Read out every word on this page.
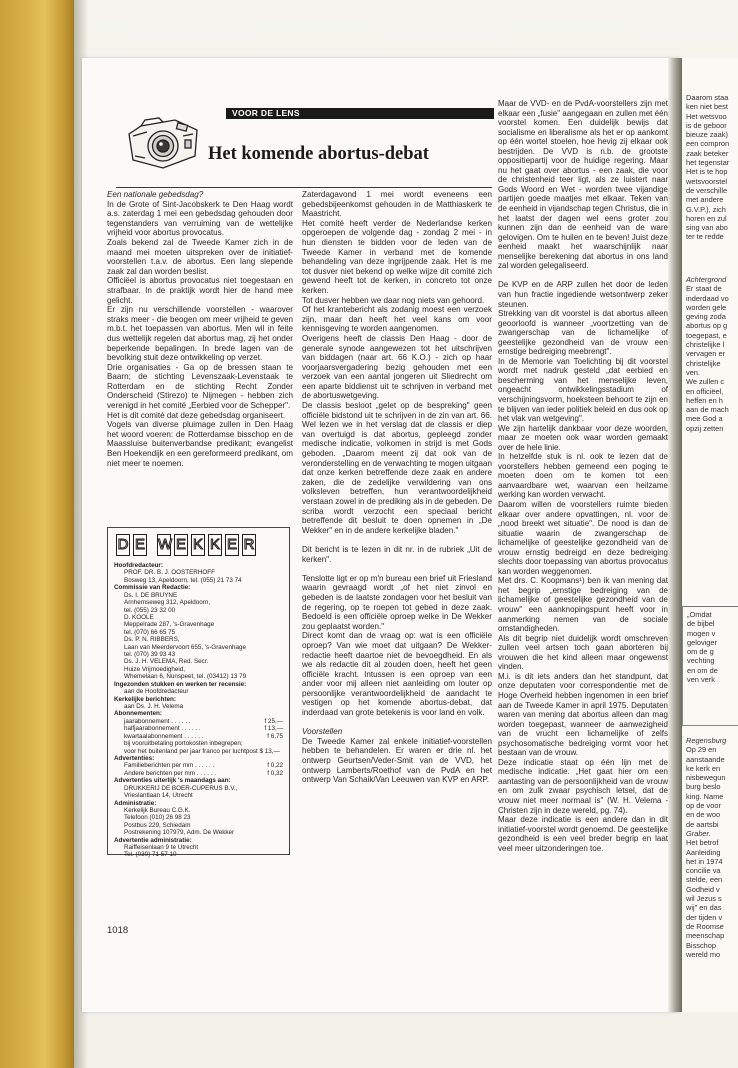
Daarom staa
ken niet best
Het wetsvoo
is de geboor
bieuze zaak)
een compron
zaak beteker
het tegenstar
Het is te hop
wetsvoorstel
de verschille
met andere
G.V.P.), zich
horen en zul
sing van abo
ter te redde
Achtergrond
Er staat de
inderdaad vo
worden gele
geving zoda
abortus op g
toegepast, e
christelijke l
vervagen er
christelijke
ven.
We zullen c
en officiëel,
heffen en h
aan de mach
mee God a
opzij zetten
„Omdat
de bijbel
mogen v
geloviger
om de g
vechting
en om de
ven verk
Regensburg
Op 29 en
aanstaande
ke kerk en
nisbewegun
burg beslo
king. Name
op de voor
en de woo
de aartsbi
Graber.
Het betrof
Aanleiding
het in 1974
concilie va
stelde, een
Godheid v
wil Jezus s
wij" en das
der tijden v
de Roomse
meenschap
Bisschop
wereld mo
VOOR DE LENS
Het komende abortus-debat

Een nationale gebedsdag?

In de Grote of Sint-Jacobskerk te Den Haag wordt a.s. zaterdag 1 mei een gebedsdag gehouden door tegenstanders van verruiming van de wettelijke vrijheid voor abortus provocatus.

Zoals bekend zal de Tweede Kamer zich in de maand mei moeten uitspreken over de initiatief-voorstellen t.a.v. de abortus. Een lang slepende zaak zal dan worden beslist.

Officiëel is abortus provocatus niet toegestaan en strafbaar. In de praktijk wordt hier de hand mee gelicht.

Er zijn nu verschillende voorstellen - waarover straks meer - die beogen om meer vrijheid te geven m.b.t. het toepassen van abortus. Men wil in feite dus wettelijk regelen dat abortus mag, zij het onder beperkende bepalingen. In brede lagen van de bevolking stuit deze ontwikkeling op verzet.

Drie organisaties - Ga op de bressen staan te Baarn; de stichting Levenszaak-Levenstaak te Rotterdam en de stichting Recht Zonder Onderscheid (Stirezo) te Nijmegen - hebben zich verenigd in het comité „Eerbied voor de Schepper".

Het is dit comité dat deze gebedsdag organiseert.

Vogels van diverse pluimage zullen in Den Haag het woord voeren: de Rotterdamse bisschop en de Maassluise buitenverbandse predikant; evangelist Ben Hoekendijk en een gereformeerd predikant, om niet meer te noemen.

Zaterdagavond 1 mei wordt eveneens een gebedsbijeenkomst gehouden in de Matthiaskerk te Maastricht.

Het comité heeft verder de Nederlandse kerken opgeroepen de volgende dag - zondag 2 mei - in hun diensten te bidden voor de leden van de Tweede Kamer in verband met de komende behandeling van deze ingrijpende zaak. Het is me tot dusver niet bekend op welke wijze dit comité zich gewend heeft tot de kerken, in concreto tot onze kerken.

Tot dusver hebben we daar nog niets van gehoord.

Of het krantebericht als zodanig moest een verzoek zijn, maar dan heeft het veel kans om voor kennisgeving te worden aangenomen.

Overigens heeft de classis Den Haag - door de generale synode aangewezen tot het uitschrijven van biddagen (naar art. 66 K.O.) - zich op haar voorjaarsvergadering bezig gehouden met een verzoek van een aantal jongeren uit Sliedrecht om een aparte biddienst uit te schrijven in verband met de abortuswetgeving.

De classis besloot „gelet op de bespreking" geen officiële bidstond uit te schrijven in de zin van art. 66. Wel lezen we in het verslag dat de classis er diep van overtuigd is dat abortus, gepleegd zonder medische indicatie, volkomen in strijd is met Gods geboden. „Daarom meent zij dat ook van de veronderstelling en de verwachting te mogen uitgaan dat onze kerken betreffende deze zaak en andere zaken, die de zedelijke verwildering van ons volksleven betreffen, hun verantwoordelijkheid verstaan zowel in de prediking als in de gebeden. De scriba wordt verzocht een speciaal bericht betreffende dit besluit te doen opnemen in „De Wekker" en in de andere kerkelijke bladen."

Dit bericht is te lezen in dit nr. in de rubriek „Uit de kerken".

Tenslotte ligt er op m'n bureau een brief uit Friesland waarin gevraagd wordt „of het niet zinvol en gebeden is de laatste zondagen voor het besluit van de regering, op te roepen tot gebed in deze zaak. Bedoeld is een officiële oproep welke in De Wekker zou geplaatst worden."

Direct komt dan de vraag op: wat is een officiële oproep? Van wie moet dat uitgaan? De Wekker-redactie heeft daartoe niet de bevoegdheid. En als we als redactie dit al zouden doen, heeft het geen officiële kracht. Intussen is een oproep van een ander voor mij alleen niet aanleiding om louter op persoonlijke verantwoordelijkheid de aandacht te vestigen op het komende abortus-debat, dat inderdaad van grote betekenis is voor land en volk.

Voorstellen

De Tweede Kamer zal enkele initiatief-voorstellen hebben te behandelen. Er waren er drie nl. het ontwerp Geurtsen/Veder-Smit van de VVD, het ontwerp Lamberts/Roethof van de PvdA en het ontwerp Van Schaik/Van Leeuwen van KVP en ARP.

Maar de VVD- en de PvdA-voorstellers zijn met elkaar een „fusie" aangegaan en zullen met één voorstel komen. Een duidelijk bewijs dat socialisme en liberalisme als het er op aankomt op één wortel stoelen, hoe hevig zij elkaar ook bestrijden. De VVD is n.b. de grootste oppositiepartij voor de huidige regering. Maar nu het gaat over abortus - een zaak, die voor de christenheid teer ligt, als ze luistert naar Gods Woord en Wet - worden twee vijandige partijen goede maatjes met elkaar. Teken van de eenheid in vijandschap tegen Christus, die in het laatst der dagen wel eens groter zou kunnen zijn dan de eenheid van de ware gelovigen. Om te huilen en te beven! Juist deze eenheid maakt het waarschijnlijk naar menselijke berekening dat abortus in ons land zal worden gelegaliseerd.

De KVP en de ARP zullen het door de leden van hun fractie ingediende wetsontwerp zeker steunen.

Strekking van dit voorstel is dat abortus alleen geoorloofd is wanneer „voortzetting van de zwangerschap van de lichamelijke of geestelijke gezondheid van de vrouw een ernstige bedreiging meebrengt".

In de Memorie van Toelichting bij dit voorstel wordt met nadruk gesteld „dat eerbied en bescherming van het menselijke leven, ongeacht ontwikkelingsstadium of verschijningsvorm, hoeksteen behoort te zijn en te blijven van ieder politiek beleid en dus ook op het vlak van wetgeving".

We zijn hartelijk dankbaar voor deze woorden, maar ze moeten ook waar worden gemaakt over de hele linie.

In hetzelfde stuk is nl. ook te lezen dat de voorstellers hebben gemeend een poging te moeten doen om te komen tot een aanvaardbare wet, waarvan een heilzame werking kan worden verwacht.

Daarom willen de voorstellers ruimte bieden elkaar over andere opvattingen, nl. voor de „nood breekt wet situatie". De nood is dan de situatie waarin de zwangerschap de lichamelijke of geestelijke gezondheid van de vrouw ernstig bedreigd en deze bedreiging slechts door toepassing van abortus provocatus kan worden weggenomen.

Met drs. C. Koopmans¹) ben ik van mening dat het begrip „ernstige bedreiging van de lichamelijke of geestelijke gezondheid van de vrouw" een aanknopingspunt heeft voor in aanmerking nemen van de sociale omstandigheden.

Als dit begrip niet duidelijk wordt omschreven zullen veel artsen toch gaan aborteren bij vrouwen die het kind alleen maar ongewenst vinden.

M.i. is dit iets anders dan het standpunt, dat onze deputaten voor correspondentie met de Hoge Overheid hebben ingenomen in een brief aan de Tweede Kamer in april 1975. Deputaten waren van mening dat abortus alleen dan mag worden toegepast, wanneer de aanwezigheid van de vrucht een lichamelijke of zelfs psychosomatische bedreiging vormt voor het bestaan van de vrouw.

Deze indicatie staat op één lijn met de medische indicatie. „Het gaat hier om een aantasting van de persoonlijkheid van de vrouw en om zulk zwaar psychisch letsel, dat de vrouw niet meer normaal is" (W. H. Velema - Christen zijn in deze wereld, pg. 74).

Maar deze indicatie is een andere dan in dit initiatief-voorstel wordt genoemd. De geestelijke gezondheid is een veel breder begrip en laat veel meer uitzonderingen toe.

D E W E K K E R
Hoofdredacteur:
PROF. DR. B. J. OOSTERHOFF
Bosweg 13, Apeldoorn, tel. (055) 21 73 74
Commissie van Redactie:
Ds. I. DE BRUYNE
Arnhemseweg 312, Apeldoorn,
tel. (055) 23 32 00
D. KOOLE
Meppelrade 287, 's-Gravenhage
tel. (070) 66 65 75
Ds. P. N. RIBBERS,
Laan van Meerdervoort 655, 's-Gravenhage
tel. (070) 39 93 43
Ds. J. H. VELEMA, Red. Secr.
Huize Vrijmoedigheid,
Whemelaan 6, Nunspeet, tel. (03412) 13 79
Ingezonden stukken en werken ter recensie:
aan de Hoofdredacteur
Kerkelijke berichten:
aan Ds. J. H. Velema
Abonnementen:
jaarabonnement . . . . . .	f 25,—
halfjaarabonnement . . . . . .	f 13,—
kwartaalabonnement . . . . . .	f 6,75
bij vooruitbetaling portokosten inbegrepen;
voor het buitenland per jaar franco per luchtpost $ 13,—
Advertenties:
Familieberichten per mm . . . . . .	f 0,22
Andere berichten per mm . . . . . .	f 0,32
Advertenties uiterlijk 's maandags aan:
DRUKKERIJ DE BOER-CUPERUS B.V.,
Vrieslantlaan 14, Utrecht
Administratie:
Kerkelijk Bureau C.G.K.
Telefoon (010) 26 98 23
Postbus 229, Schiedam
Postrekening 107979, Adm. De Wekker
Advertentie administratie:
Raiffeisenlaan 9 te Utrecht
Tel. (030) 71 57 10
1018
